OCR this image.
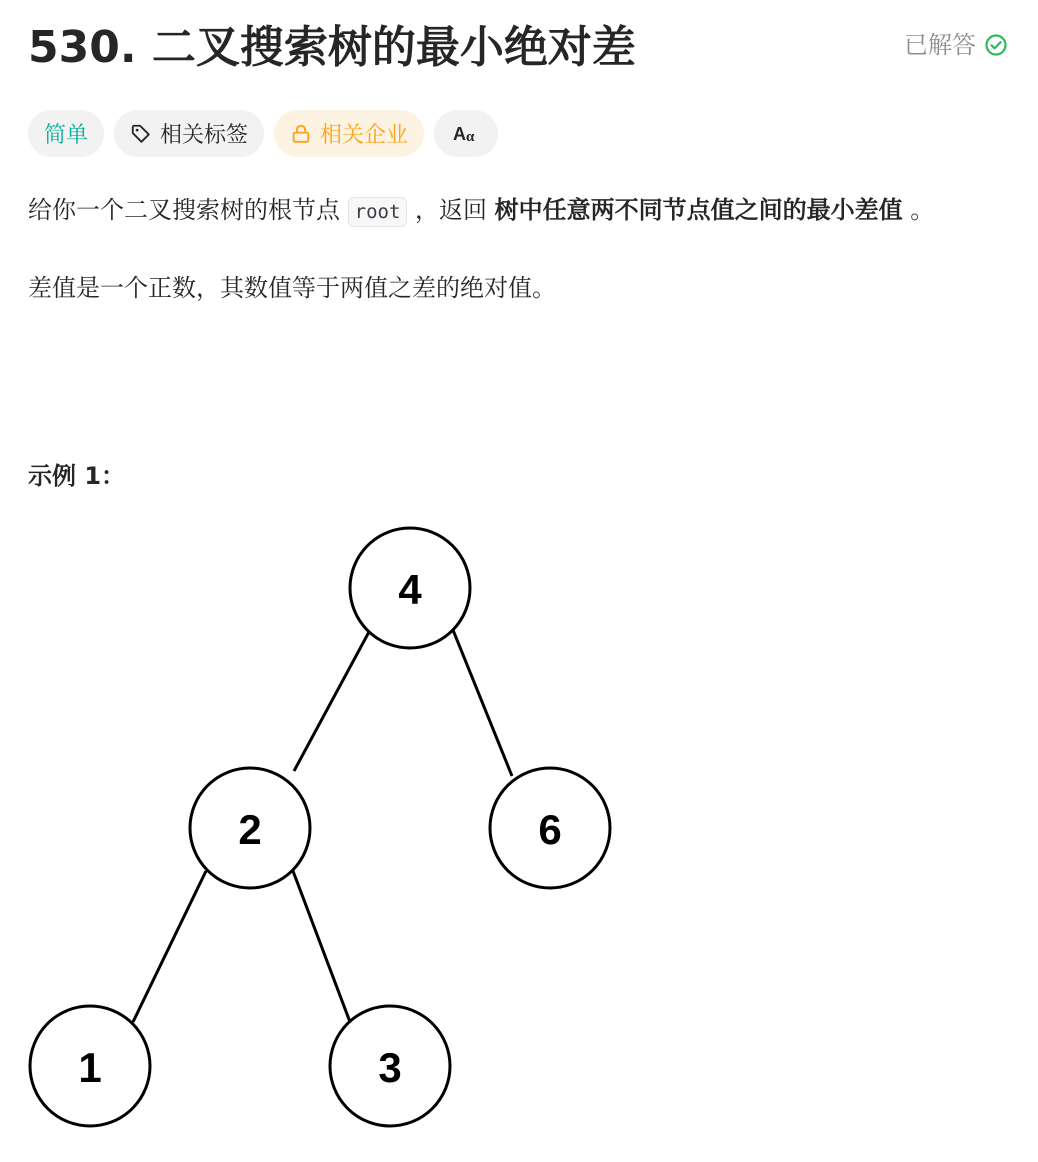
530. 二叉搜索树的最小绝对差	已解答
简单	相关标签	相关企业	A α

给你一个二叉搜索树的根节点 root ，返回 树中任意两不同节点值之间的最小差值 。

差值是一个正数，其数值等于两值之差的绝对值。

示例 1：
4
2	6
1	3
